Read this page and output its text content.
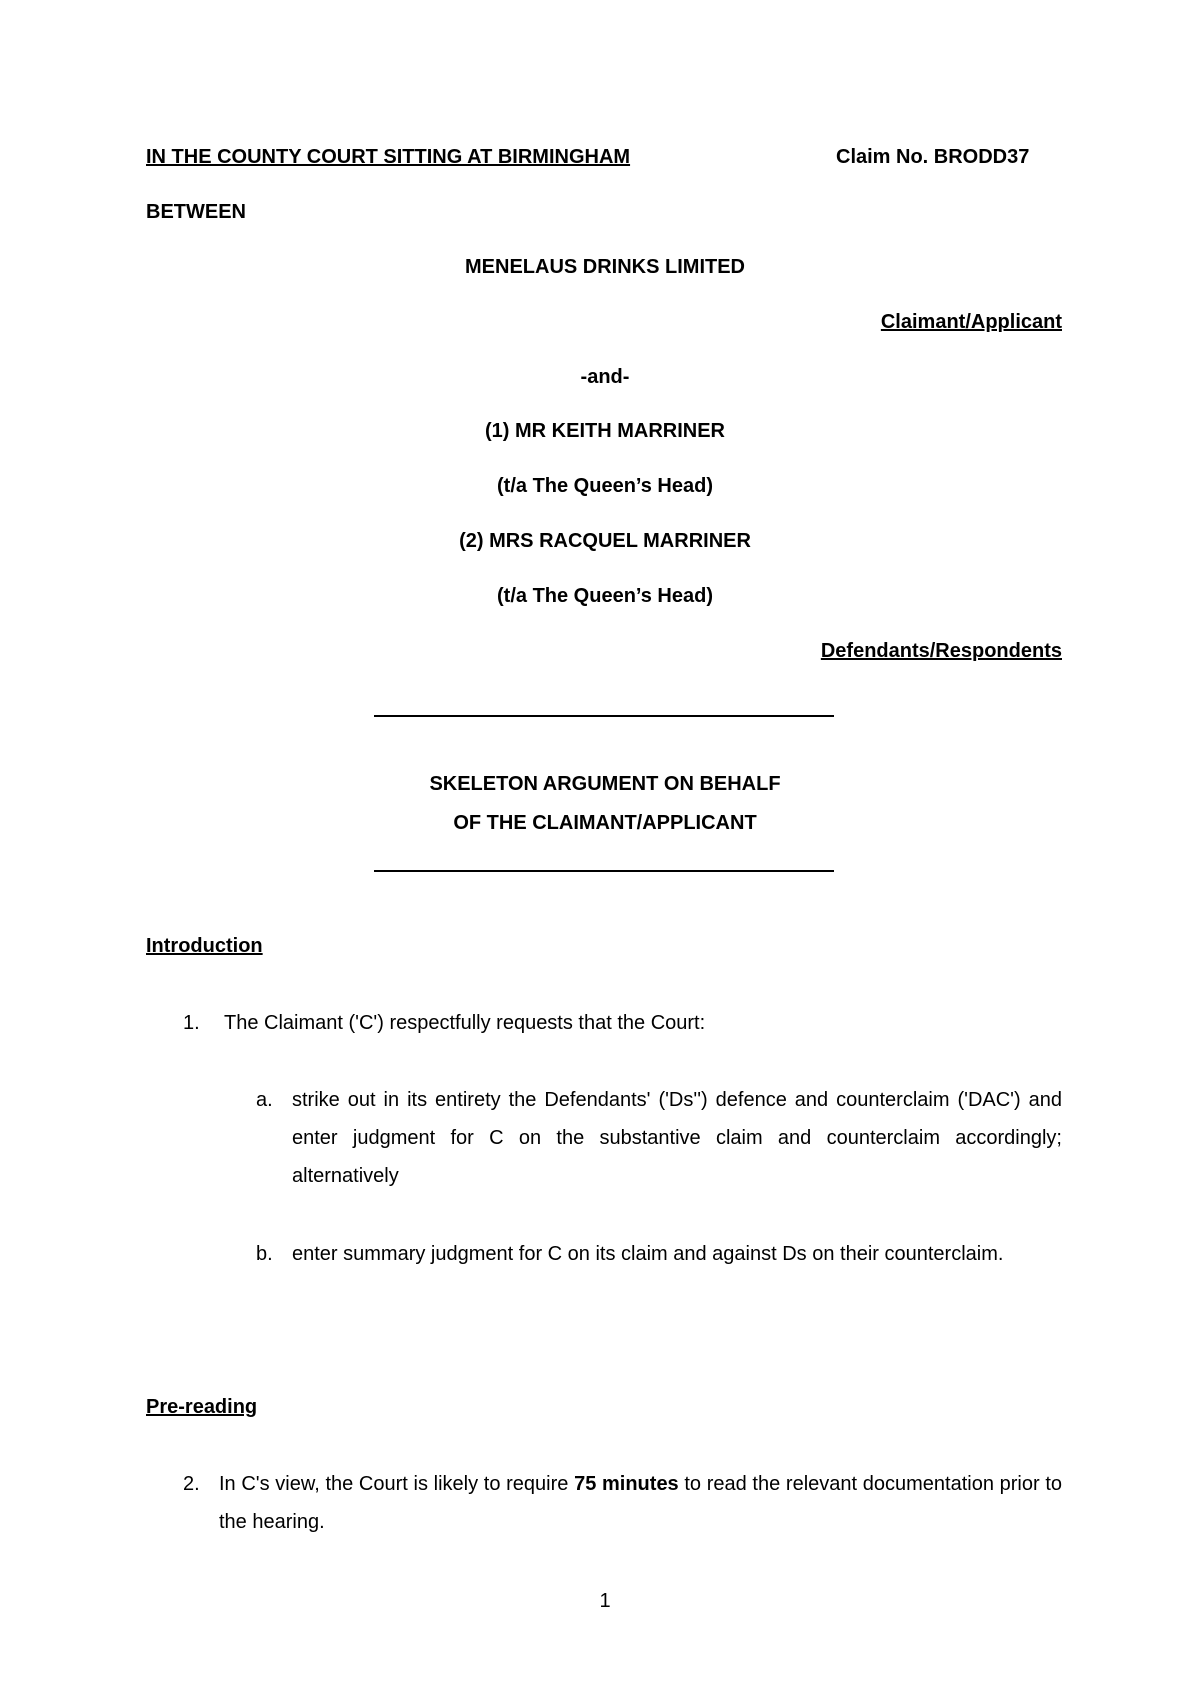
IN THE COUNTY COURT SITTING AT BIRMINGHAM	Claim No. BRODD37
BETWEEN
MENELAUS DRINKS LIMITED
Claimant/Applicant
-and-
(1) MR KEITH MARRINER
(t/a The Queen’s Head)
(2) MRS RACQUEL MARRINER
(t/a The Queen’s Head)
Defendants/Respondents
SKELETON ARGUMENT ON BEHALF
OF THE CLAIMANT/APPLICANT
Introduction
1. The Claimant ('C') respectfully requests that the Court:
a. strike out in its entirety the Defendants' ('Ds'') defence and counterclaim ('DAC') and enter judgment for C on the substantive claim and counterclaim accordingly; alternatively
b. enter summary judgment for C on its claim and against Ds on their counterclaim.
Pre-reading
2. In C's view, the Court is likely to require 75 minutes to read the relevant documentation prior to the hearing.
1
